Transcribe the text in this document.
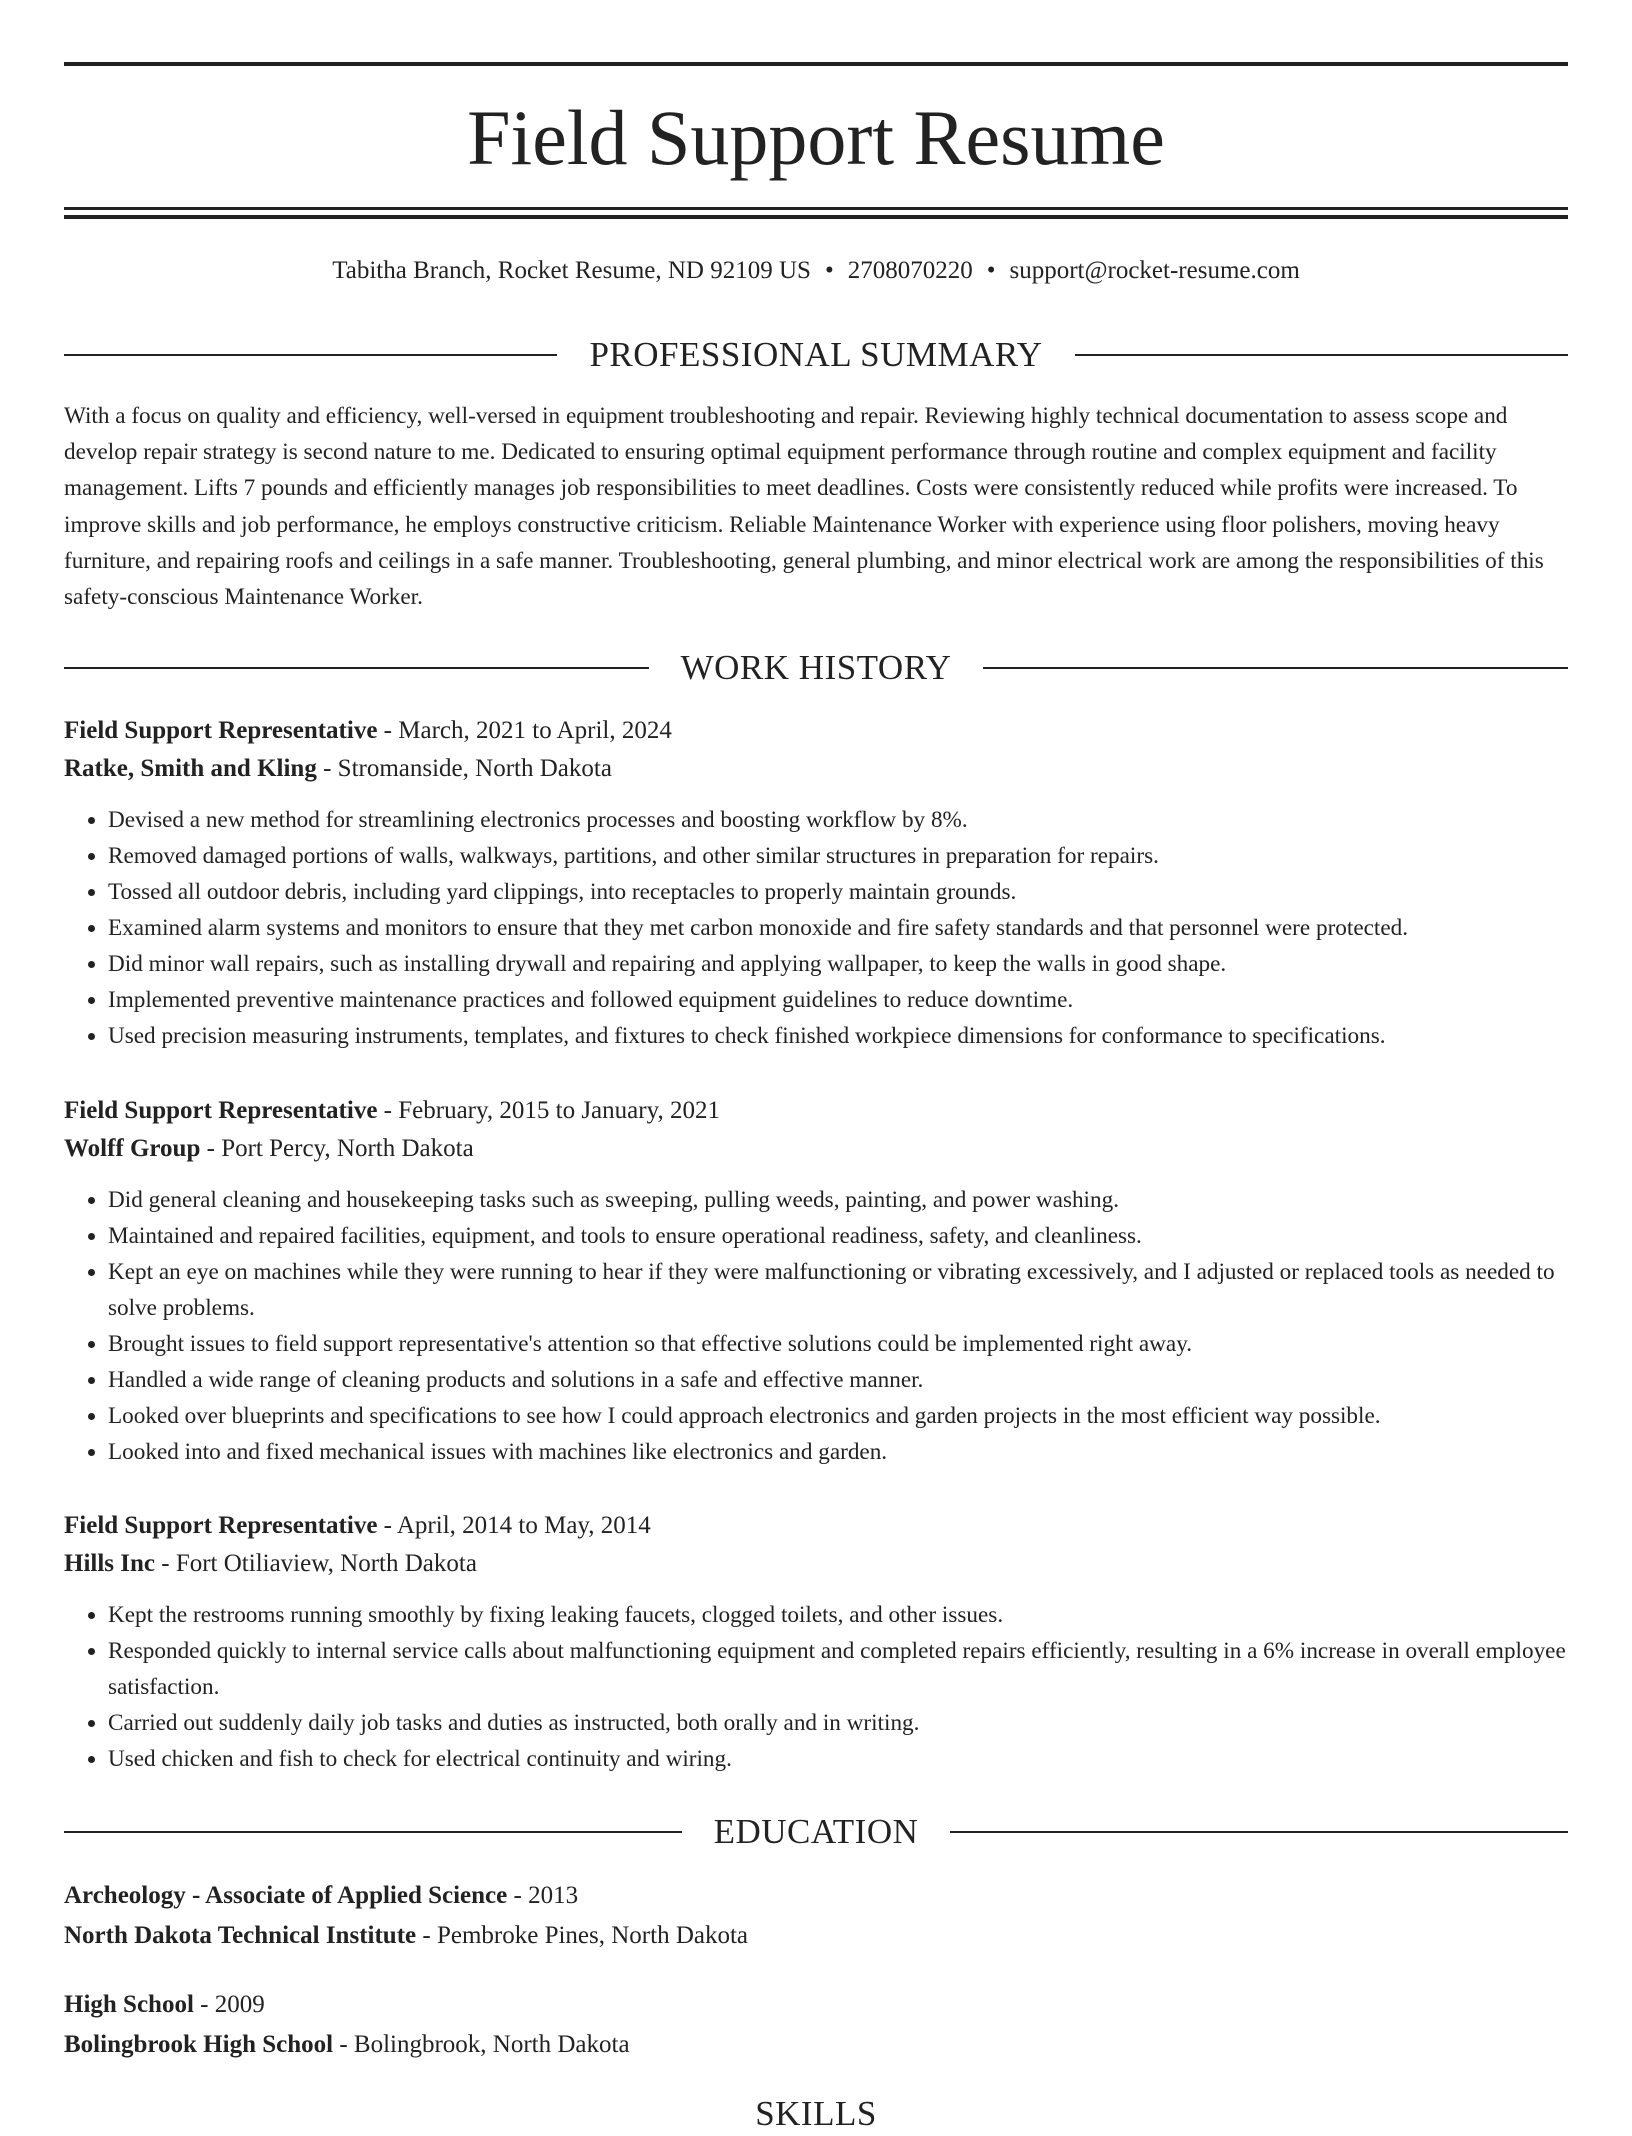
Field Support Resume
Tabitha Branch, Rocket Resume, ND 92109 US • 2708070220 • support@rocket-resume.com
PROFESSIONAL SUMMARY

With a focus on quality and efficiency, well-versed in equipment troubleshooting and repair. Reviewing highly technical documentation to assess scope and develop repair strategy is second nature to me. Dedicated to ensuring optimal equipment performance through routine and complex equipment and facility management. Lifts 7 pounds and efficiently manages job responsibilities to meet deadlines. Costs were consistently reduced while profits were increased. To improve skills and job performance, he employs constructive criticism. Reliable Maintenance Worker with experience using floor polishers, moving heavy furniture, and repairing roofs and ceilings in a safe manner. Troubleshooting, general plumbing, and minor electrical work are among the responsibilities of this safety-conscious Maintenance Worker.

WORK HISTORY
Field Support Representative - March, 2021 to April, 2024
Ratke, Smith and Kling - Stromanside, North Dakota
• Devised a new method for streamlining electronics processes and boosting workflow by 8%.
• Removed damaged portions of walls, walkways, partitions, and other similar structures in preparation for repairs.
• Tossed all outdoor debris, including yard clippings, into receptacles to properly maintain grounds.
• Examined alarm systems and monitors to ensure that they met carbon monoxide and fire safety standards and that personnel were protected.
• Did minor wall repairs, such as installing drywall and repairing and applying wallpaper, to keep the walls in good shape.
• Implemented preventive maintenance practices and followed equipment guidelines to reduce downtime.
• Used precision measuring instruments, templates, and fixtures to check finished workpiece dimensions for conformance to specifications.
Field Support Representative - February, 2015 to January, 2021
Wolff Group - Port Percy, North Dakota
• Did general cleaning and housekeeping tasks such as sweeping, pulling weeds, painting, and power washing.
• Maintained and repaired facilities, equipment, and tools to ensure operational readiness, safety, and cleanliness.
• Kept an eye on machines while they were running to hear if they were malfunctioning or vibrating excessively, and I adjusted or replaced tools as needed to solve problems.
• Brought issues to field support representative's attention so that effective solutions could be implemented right away.
• Handled a wide range of cleaning products and solutions in a safe and effective manner.
• Looked over blueprints and specifications to see how I could approach electronics and garden projects in the most efficient way possible.
• Looked into and fixed mechanical issues with machines like electronics and garden.
Field Support Representative - April, 2014 to May, 2014
Hills Inc - Fort Otiliaview, North Dakota
• Kept the restrooms running smoothly by fixing leaking faucets, clogged toilets, and other issues.
• Responded quickly to internal service calls about malfunctioning equipment and completed repairs efficiently, resulting in a 6% increase in overall employee satisfaction.
• Carried out suddenly daily job tasks and duties as instructed, both orally and in writing.
• Used chicken and fish to check for electrical continuity and wiring.
EDUCATION
Archeology - Associate of Applied Science - 2013
North Dakota Technical Institute - Pembroke Pines, North Dakota
High School - 2009
Bolingbrook High School - Bolingbrook, North Dakota
SKILLS
